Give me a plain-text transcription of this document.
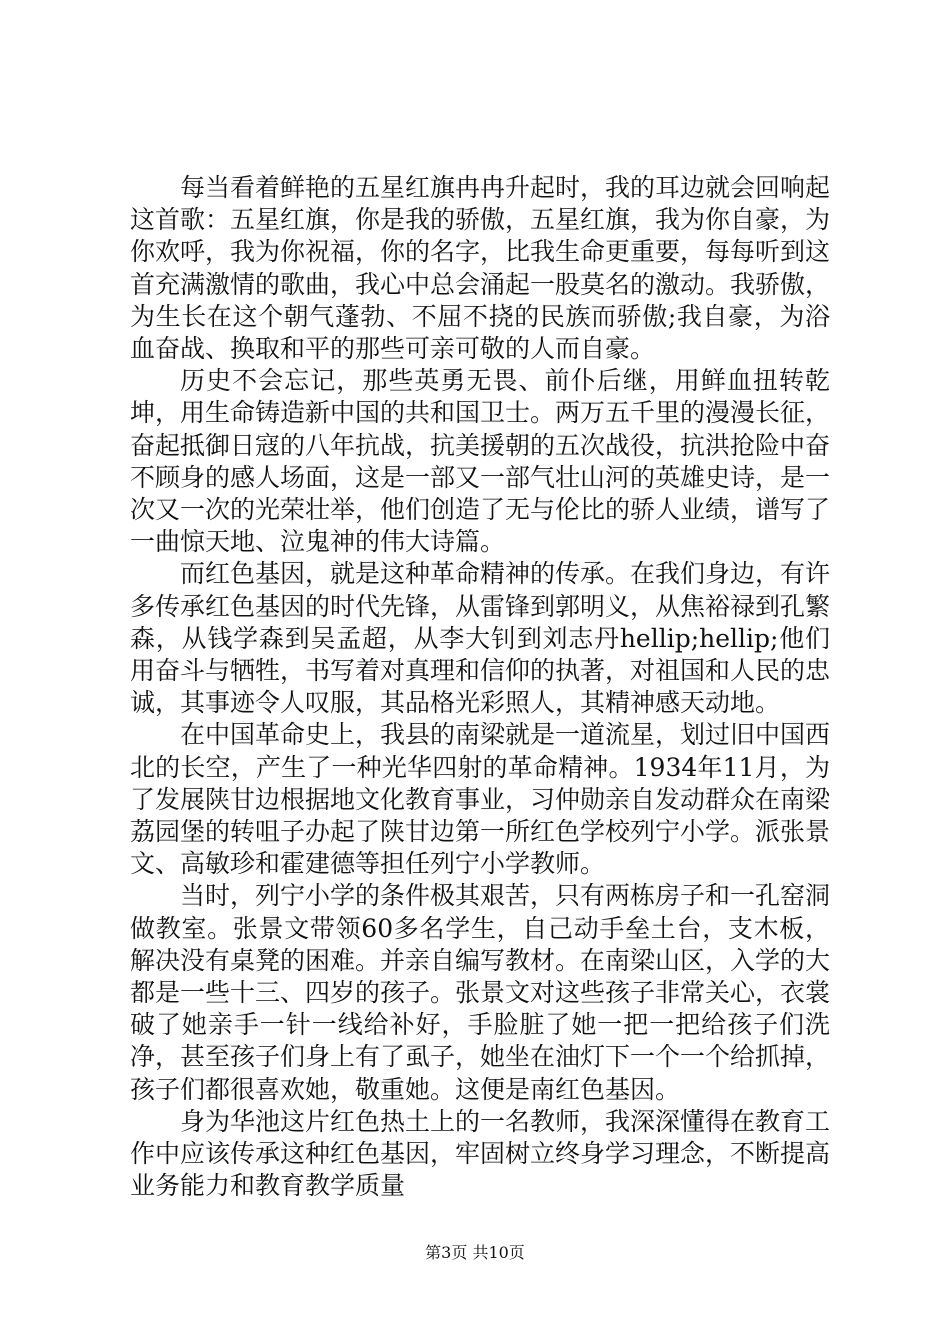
每当看着鲜艳的五星红旗冉冉升起时，我的耳边就会回响起这首歌：五星红旗，你是我的骄傲，五星红旗，我为你自豪，为你欢呼，我为你祝福，你的名字，比我生命更重要，每每听到这首充满激情的歌曲，我心中总会涌起一股莫名的激动。我骄傲，为生长在这个朝气蓬勃、不屈不挠的民族而骄傲;我自豪，为浴血奋战、换取和平的那些可亲可敬的人而自豪。

历史不会忘记，那些英勇无畏、前仆后继，用鲜血扭转乾坤，用生命铸造新中国的共和国卫士。两万五千里的漫漫长征，奋起抵御日寇的八年抗战，抗美援朝的五次战役，抗洪抢险中奋不顾身的感人场面，这是一部又一部气壮山河的英雄史诗，是一次又一次的光荣壮举，他们创造了无与伦比的骄人业绩，谱写了一曲惊天地、泣鬼神的伟大诗篇。

而红色基因，就是这种革命精神的传承。在我们身边，有许多传承红色基因的时代先锋，从雷锋到郭明义，从焦裕禄到孔繁森，从钱学森到吴孟超，从李大钊到刘志丹hellip;hellip;他们用奋斗与牺牲，书写着对真理和信仰的执著，对祖国和人民的忠诚，其事迹令人叹服，其品格光彩照人，其精神感天动地。

在中国革命史上，我县的南梁就是一道流星，划过旧中国西北的长空，产生了一种光华四射的革命精神。1934年11月，为了发展陕甘边根据地文化教育事业，习仲勋亲自发动群众在南梁荔园堡的转咀子办起了陕甘边第一所红色学校列宁小学。派张景文、高敏珍和霍建德等担任列宁小学教师。

当时，列宁小学的条件极其艰苦，只有两栋房子和一孔窑洞做教室。张景文带领60多名学生，自己动手垒土台，支木板，解决没有桌凳的困难。并亲自编写教材。在南梁山区，入学的大都是一些十三、四岁的孩子。张景文对这些孩子非常关心，衣裳破了她亲手一针一线给补好，手脸脏了她一把一把给孩子们洗净，甚至孩子们身上有了虱子，她坐在油灯下一个一个给抓掉，孩子们都很喜欢她，敬重她。这便是南红色基因。

身为华池这片红色热土上的一名教师，我深深懂得在教育工作中应该传承这种红色基因，牢固树立终身学习理念，不断提高业务能力和教育教学质量

第3页 共10页
